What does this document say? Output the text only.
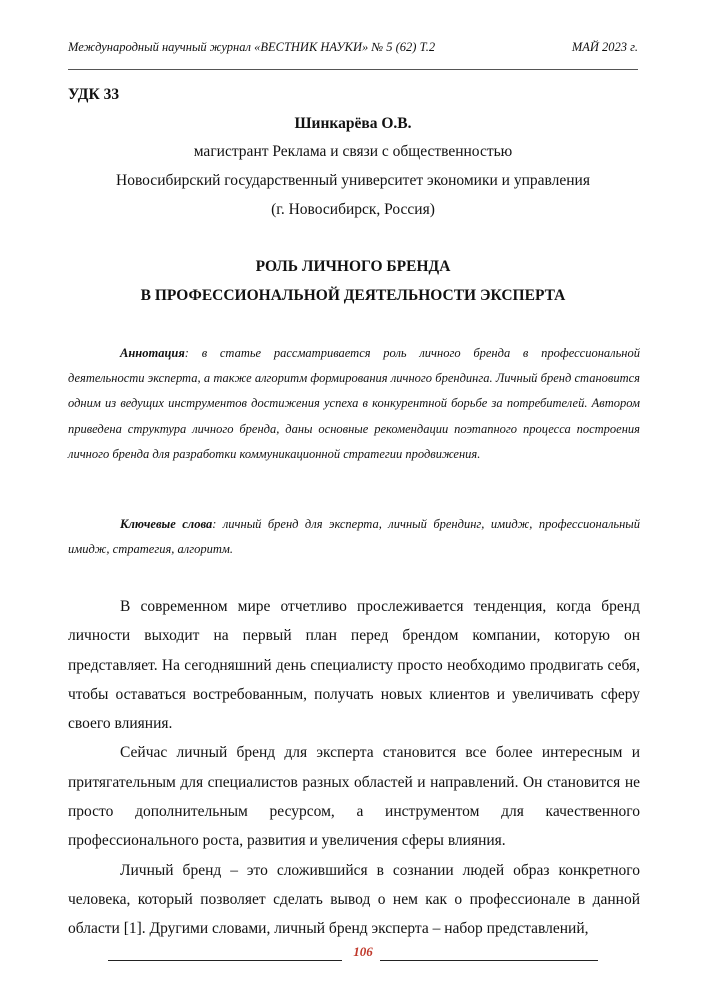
Международный научный журнал «ВЕСТНИК НАУКИ» № 5 (62) Т.2	МАЙ 2023 г.
УДК 33
Шинкарёва О.В.
магистрант Реклама и связи с общественностью
Новосибирский государственный университет экономики и управления
(г. Новосибирск, Россия)
РОЛЬ ЛИЧНОГО БРЕНДА
В ПРОФЕССИОНАЛЬНОЙ ДЕЯТЕЛЬНОСТИ ЭКСПЕРТА

Аннотация: в статье рассматривается роль личного бренда в профессиональной деятельности эксперта, а также алгоритм формирования личного брендинга. Личный бренд становится одним из ведущих инструментов достижения успеха в конкурентной борьбе за потребителей. Автором приведена структура личного бренда, даны основные рекомендации поэтапного процесса построения личного бренда для разработки коммуникационной стратегии продвижения.

Ключевые слова: личный бренд для эксперта, личный брендинг, имидж, профессиональный имидж, стратегия, алгоритм.

В современном мире отчетливо прослеживается тенденция, когда бренд личности выходит на первый план перед брендом компании, которую он представляет. На сегодняшний день специалисту просто необходимо продвигать себя, чтобы оставаться востребованным, получать новых клиентов и увеличивать сферу своего влияния.

Сейчас личный бренд для эксперта становится все более интересным и притягательным для специалистов разных областей и направлений. Он становится не просто дополнительным ресурсом, а инструментом для качественного профессионального роста, развития и увеличения сферы влияния.

Личный бренд – это сложившийся в сознании людей образ конкретного человека, который позволяет сделать вывод о нем как о профессионале в данной области [1]. Другими словами, личный бренд эксперта – набор представлений,

106
